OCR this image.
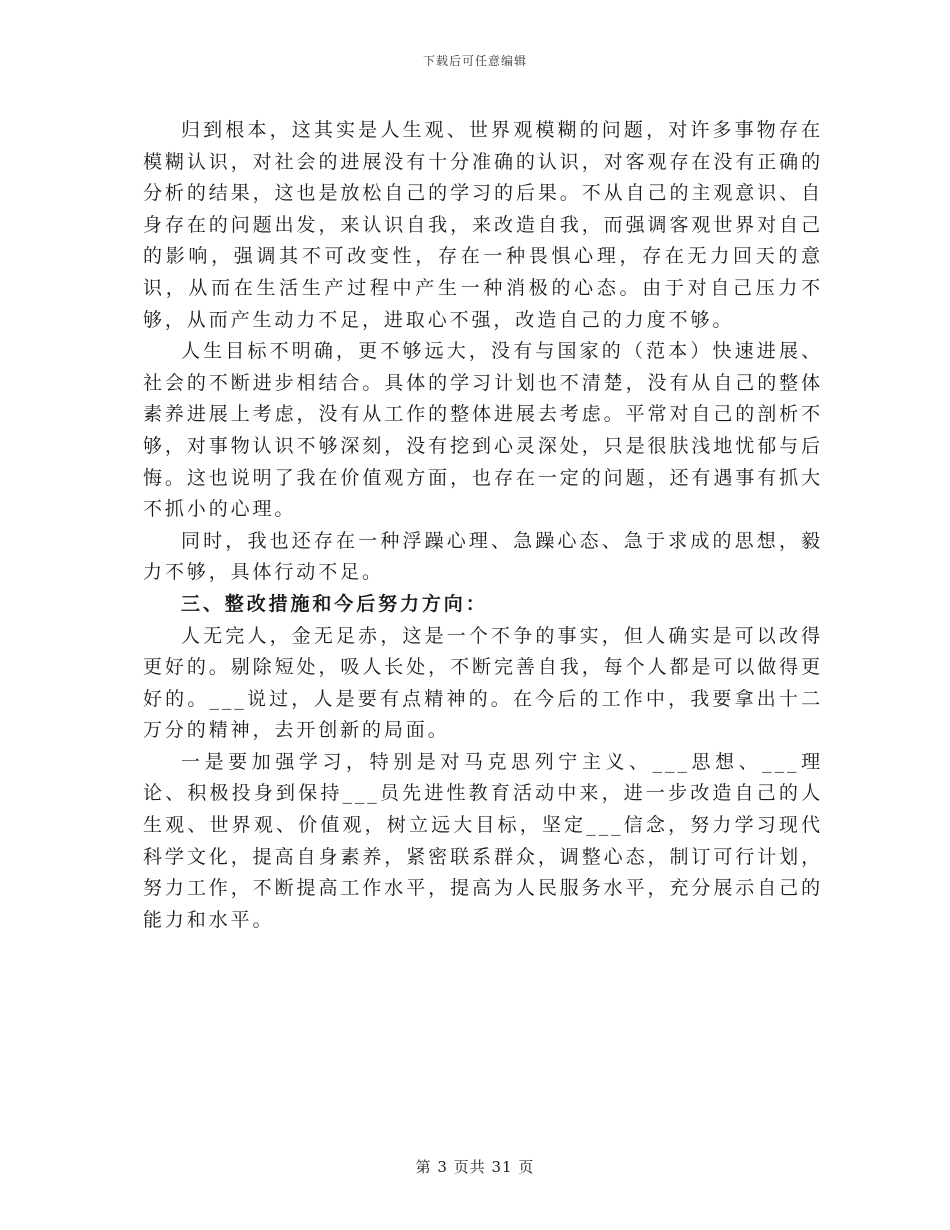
下载后可任意编辑

归到根本，这其实是人生观、世界观模糊的问题，对许多事物存在模糊认识，对社会的进展没有十分准确的认识，对客观存在没有正确的分析的结果，这也是放松自己的学习的后果。不从自己的主观意识、自身存在的问题出发，来认识自我，来改造自我，而强调客观世界对自己的影响，强调其不可改变性，存在一种畏惧心理，存在无力回天的意识，从而在生活生产过程中产生一种消极的心态。由于对自己压力不够，从而产生动力不足，进取心不强，改造自己的力度不够。

人生目标不明确，更不够远大，没有与国家的（范本）快速进展、社会的不断进步相结合。具体的学习计划也不清楚，没有从自己的整体素养进展上考虑，没有从工作的整体进展去考虑。平常对自己的剖析不够，对事物认识不够深刻，没有挖到心灵深处，只是很肤浅地忧郁与后悔。这也说明了我在价值观方面，也存在一定的问题，还有遇事有抓大不抓小的心理。

同时，我也还存在一种浮躁心理、急躁心态、急于求成的思想，毅力不够，具体行动不足。

三、整改措施和今后努力方向：

人无完人，金无足赤，这是一个不争的事实，但人确实是可以改得更好的。剔除短处，吸人长处，不断完善自我，每个人都是可以做得更好的。___说过，人是要有点精神的。在今后的工作中，我要拿出十二万分的精神，去开创新的局面。

一是要加强学习，特别是对马克思列宁主义、___思想、___理论、积极投身到保持___员先进性教育活动中来，进一步改造自己的人生观、世界观、价值观，树立远大目标，坚定___信念，努力学习现代科学文化，提高自身素养，紧密联系群众，调整心态，制订可行计划，努力工作，不断提高工作水平，提高为人民服务水平，充分展示自己的能力和水平。

第 3 页共 31 页
